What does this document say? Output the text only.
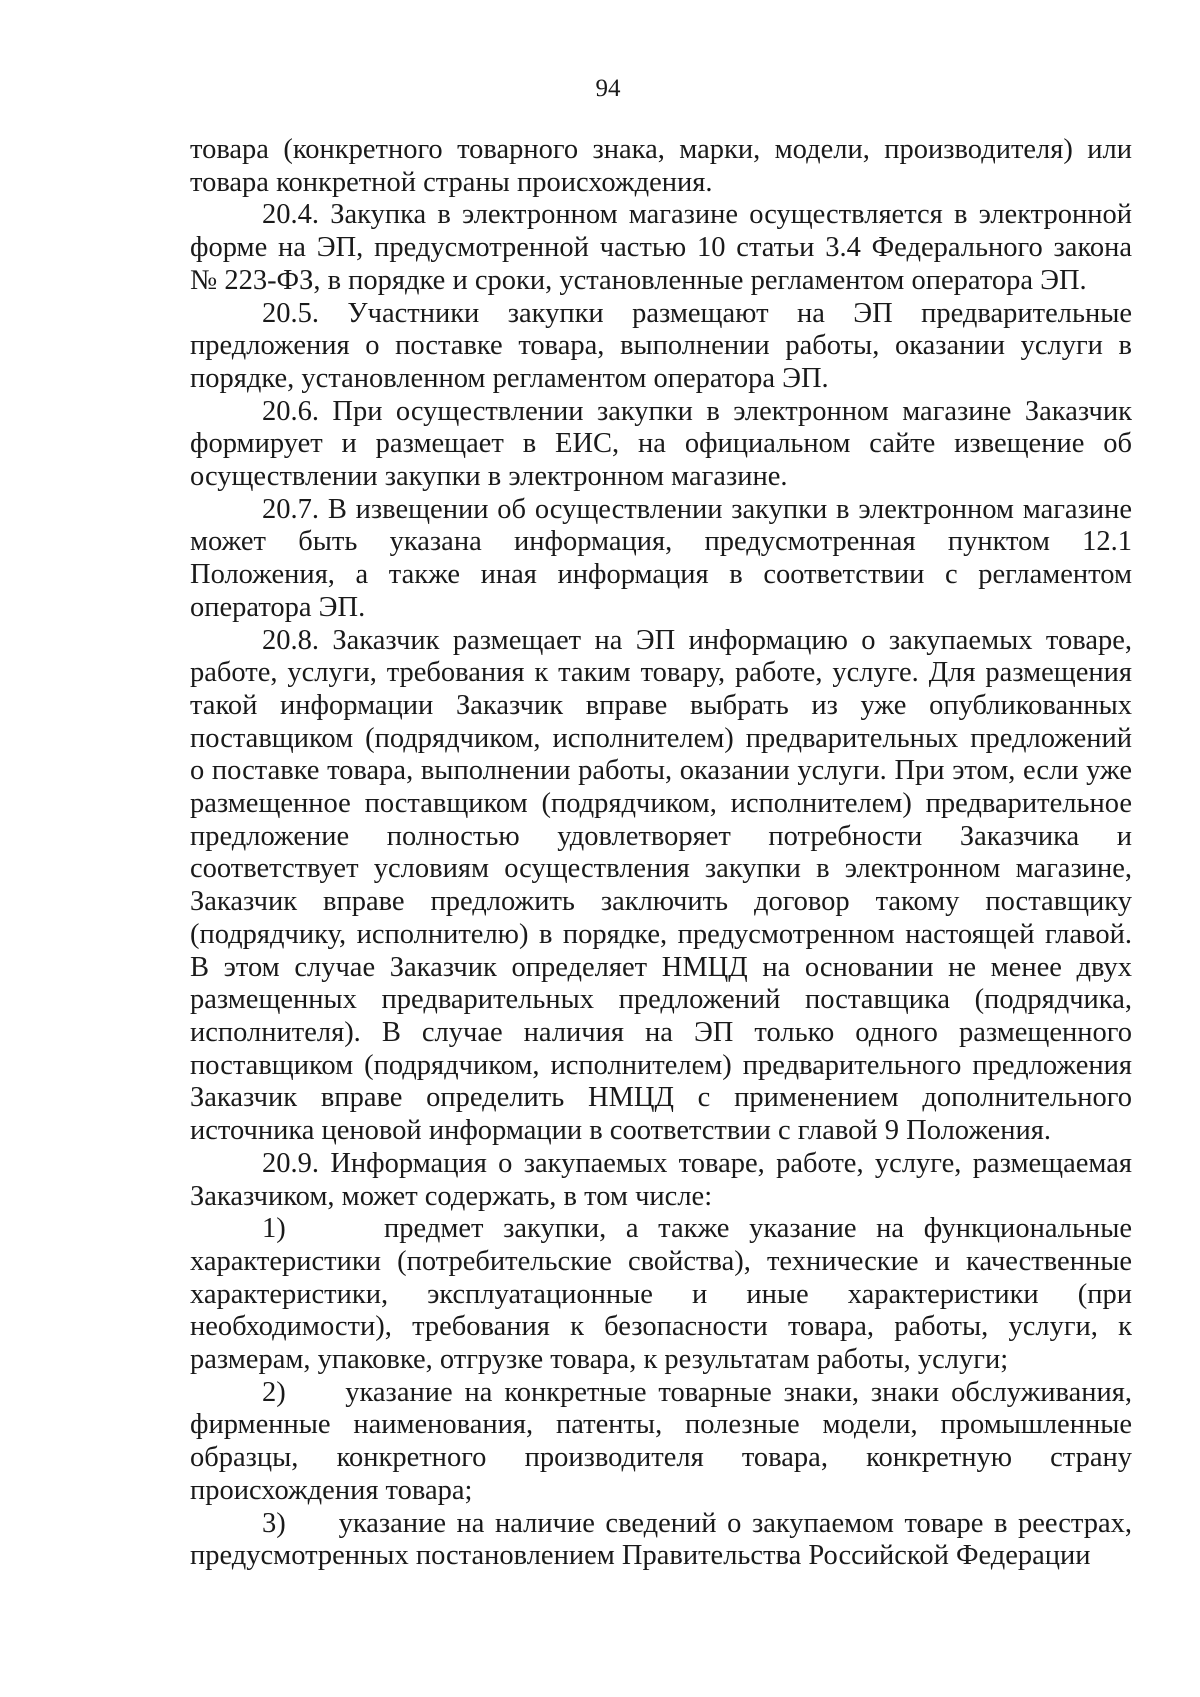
94

товара (конкретного товарного знака, марки, модели, производителя) или товара конкретной страны происхождения.

20.4. Закупка в электронном магазине осуществляется в электронной форме на ЭП, предусмотренной частью 10 статьи 3.4 Федерального закона № 223-ФЗ, в порядке и сроки, установленные регламентом оператора ЭП.

20.5. Участники закупки размещают на ЭП предварительные предложения о поставке товара, выполнении работы, оказании услуги в порядке, установленном регламентом оператора ЭП.

20.6. При осуществлении закупки в электронном магазине Заказчик формирует и размещает в ЕИС, на официальном сайте извещение об осуществлении закупки в электронном магазине.

20.7. В извещении об осуществлении закупки в электронном магазине может быть указана информация, предусмотренная пунктом 12.1 Положения, а также иная информация в соответствии с регламентом оператора ЭП.

20.8. Заказчик размещает на ЭП информацию о закупаемых товаре, работе, услуги, требования к таким товару, работе, услуге. Для размещения такой информации Заказчик вправе выбрать из уже опубликованных поставщиком (подрядчиком, исполнителем) предварительных предложений о поставке товара, выполнении работы, оказании услуги. При этом, если уже размещенное поставщиком (подрядчиком, исполнителем) предварительное предложение полностью удовлетворяет потребности Заказчика и соответствует условиям осуществления закупки в электронном магазине, Заказчик вправе предложить заключить договор такому поставщику (подрядчику, исполнителю) в порядке, предусмотренном настоящей главой. В этом случае Заказчик определяет НМЦД на основании не менее двух размещенных предварительных предложений поставщика (подрядчика, исполнителя). В случае наличия на ЭП только одного размещенного поставщиком (подрядчиком, исполнителем) предварительного предложения Заказчик вправе определить НМЦД с применением дополнительного источника ценовой информации в соответствии с главой 9 Положения.

20.9. Информация о закупаемых товаре, работе, услуге, размещаемая Заказчиком, может содержать, в том числе:

1)     предмет закупки, а также указание на функциональные характеристики (потребительские свойства), технические и качественные характеристики, эксплуатационные и иные характеристики (при необходимости), требования к безопасности товара, работы, услуги, к размерам, упаковке, отгрузке товара, к результатам работы, услуги;

2)     указание на конкретные товарные знаки, знаки обслуживания, фирменные наименования, патенты, полезные модели, промышленные образцы, конкретного производителя товара, конкретную страну происхождения товара;

3)     указание на наличие сведений о закупаемом товаре в реестрах, предусмотренных постановлением Правительства Российской Федерации
